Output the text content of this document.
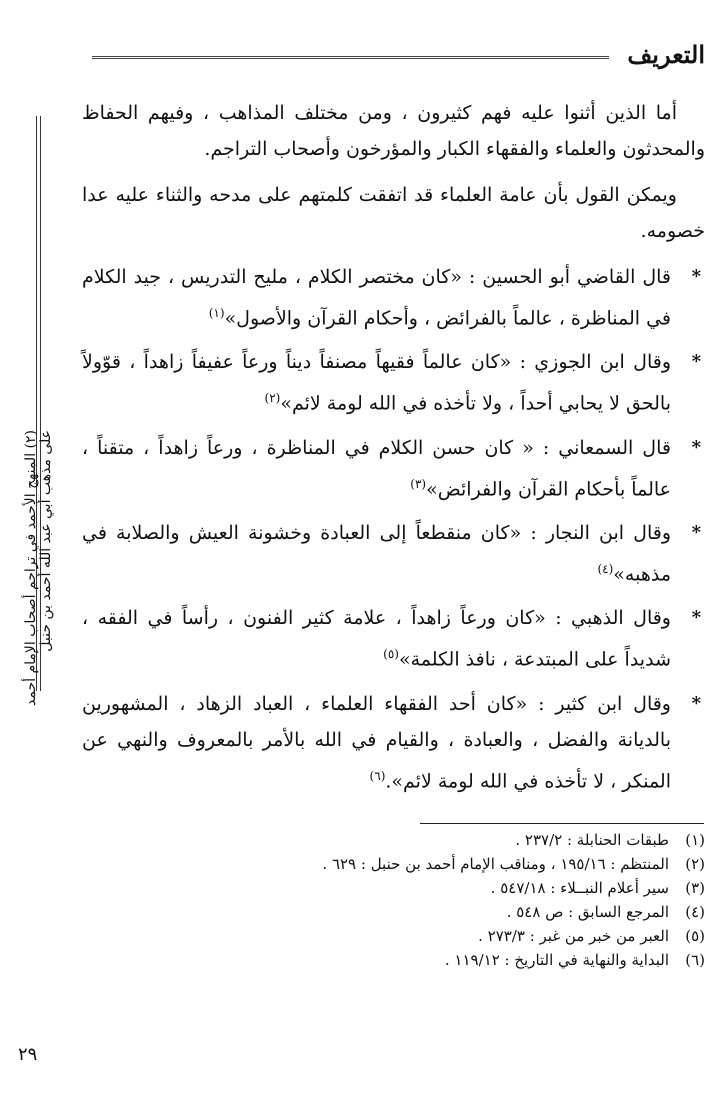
التعريف
(٢) المنهج الأحمد في تراجم أصحاب الإمام أحمد على مذهب أبي عبد الله أحمد بن حنبل

أما الذين أثنوا عليه فهم كثيرون ، ومن مختلف المذاهب ، وفيهم الحفاظ والمحدثون والعلماء والفقهاء الكبار والمؤرخون وأصحاب التراجم.

ويمكن القول بأن عامة العلماء قد اتفقت كلمتهم على مدحه والثناء عليه عدا خصومه.

*
قال القاضي أبو الحسين : «كان مختصر الكلام ، مليح التدريس ، جيد الكلام في المناظرة ، عالماً بالفرائض ، وأحكام القرآن والأصول»$^{(١)}$
*
وقال ابن الجوزي : «كان عالماً فقيهاً مصنفاً ديناً ورعاً عفيفاً زاهداً ، قوّولاً بالحق لا يحابي أحداً ، ولا تأخذه في الله لومة لائم»$^{(٢)}$
*
قال السمعاني : « كان حسن الكلام في المناظرة ، ورعاً زاهداً ، متقناً ، عالماً بأحكام القرآن والفرائض»$^{(٣)}$
*
وقال ابن النجار : «كان منقطعاً إلى العبادة وخشونة العيش والصلابة في مذهبه»$^{(٤)}$
*
وقال الذهبي : «كان ورعاً زاهداً ، علامة كثير الفنون ، رأساً في الفقه ، شديداً على المبتدعة ، نافذ الكلمة»$^{(٥)}$
*
وقال ابن كثير : «كان أحد الفقهاء العلماء ، العباد الزهاد ، المشهورين بالديانة والفضل ، والعبادة ، والقيام في الله بالأمر بالمعروف والنهي عن المنكر ، لا تأخذه في الله لومة لائم».$^{(٦)}$
(١)طبقات الحنابلة : ٢٣٧/٢ .
(٢)المنتظم : ١٩٥/١٦ ، ومناقب الإمام أحمد بن حنبل : ٦٢٩ .
(٣)سير أعلام النبــلاء : ٥٤٧/١٨ .
(٤)المرجع السابق : ص ٥٤٨ .
(٥)العبر من خبر من غبر : ٢٧٣/٣ .
(٦)البداية والنهاية في التاريخ : ١١٩/١٢ .
٢٩
